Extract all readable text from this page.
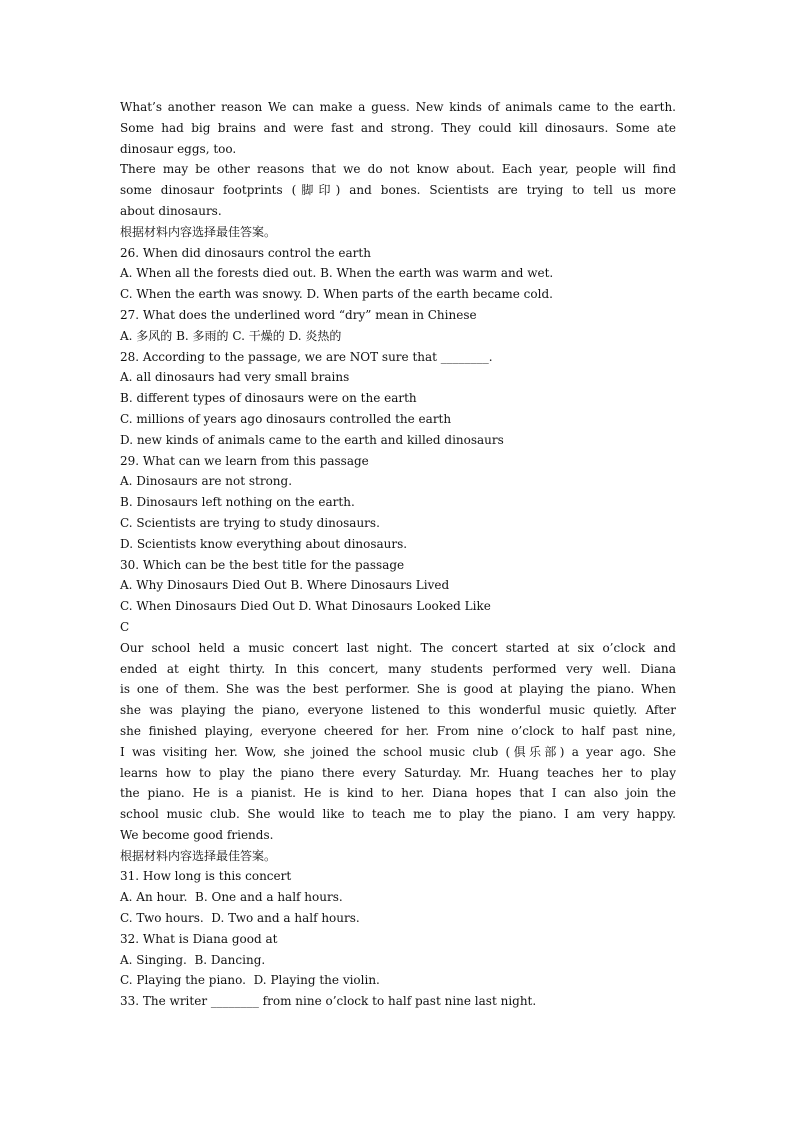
What’s another reason We can make a guess. New kinds of animals came to the earth.
Some had big brains and were fast and strong. They could kill dinosaurs. Some ate
dinosaur eggs, too.
There may be other reasons that we do not know about. Each year, people will find
some dinosaur footprints (脚印) and bones. Scientists are trying to tell us more
about dinosaurs.
根据材料内容选择最佳答案。
26. When did dinosaurs control the earth
A. When all the forests died out. B. When the earth was warm and wet.
C. When the earth was snowy. D. When parts of the earth became cold.
27. What does the underlined word “dry” mean in Chinese
A. 多风的 B. 多雨的 C. 干燥的 D. 炎热的
28. According to the passage, we are NOT sure that ________.
A. all dinosaurs had very small brains
B. different types of dinosaurs were on the earth
C. millions of years ago dinosaurs controlled the earth
D. new kinds of animals came to the earth and killed dinosaurs
29. What can we learn from this passage
A. Dinosaurs are not strong.
B. Dinosaurs left nothing on the earth.
C. Scientists are trying to study dinosaurs.
D. Scientists know everything about dinosaurs.
30. Which can be the best title for the passage
A. Why Dinosaurs Died Out B. Where Dinosaurs Lived
C. When Dinosaurs Died Out D. What Dinosaurs Looked Like
C
Our school held a music concert last night. The concert started at six o’clock and
ended at eight thirty. In this concert, many students performed very well. Diana
is one of them. She was the best performer. She is good at playing the piano. When
she was playing the piano, everyone listened to this wonderful music quietly. After
she finished playing, everyone cheered for her. From nine o’clock to half past nine,
I was visiting her. Wow, she joined the school music club (俱乐部) a year ago. She
learns how to play the piano there every Saturday. Mr. Huang teaches her to play
the piano. He is a pianist. He is kind to her. Diana hopes that I can also join the
school music club. She would like to teach me to play the piano. I am very happy.
We become good friends.
根据材料内容选择最佳答案。
31. How long is this concert
A. An hour.  B. One and a half hours.
C. Two hours.  D. Two and a half hours.
32. What is Diana good at
A. Singing.  B. Dancing.
C. Playing the piano.  D. Playing the violin.
33. The writer ________ from nine o’clock to half past nine last night.
